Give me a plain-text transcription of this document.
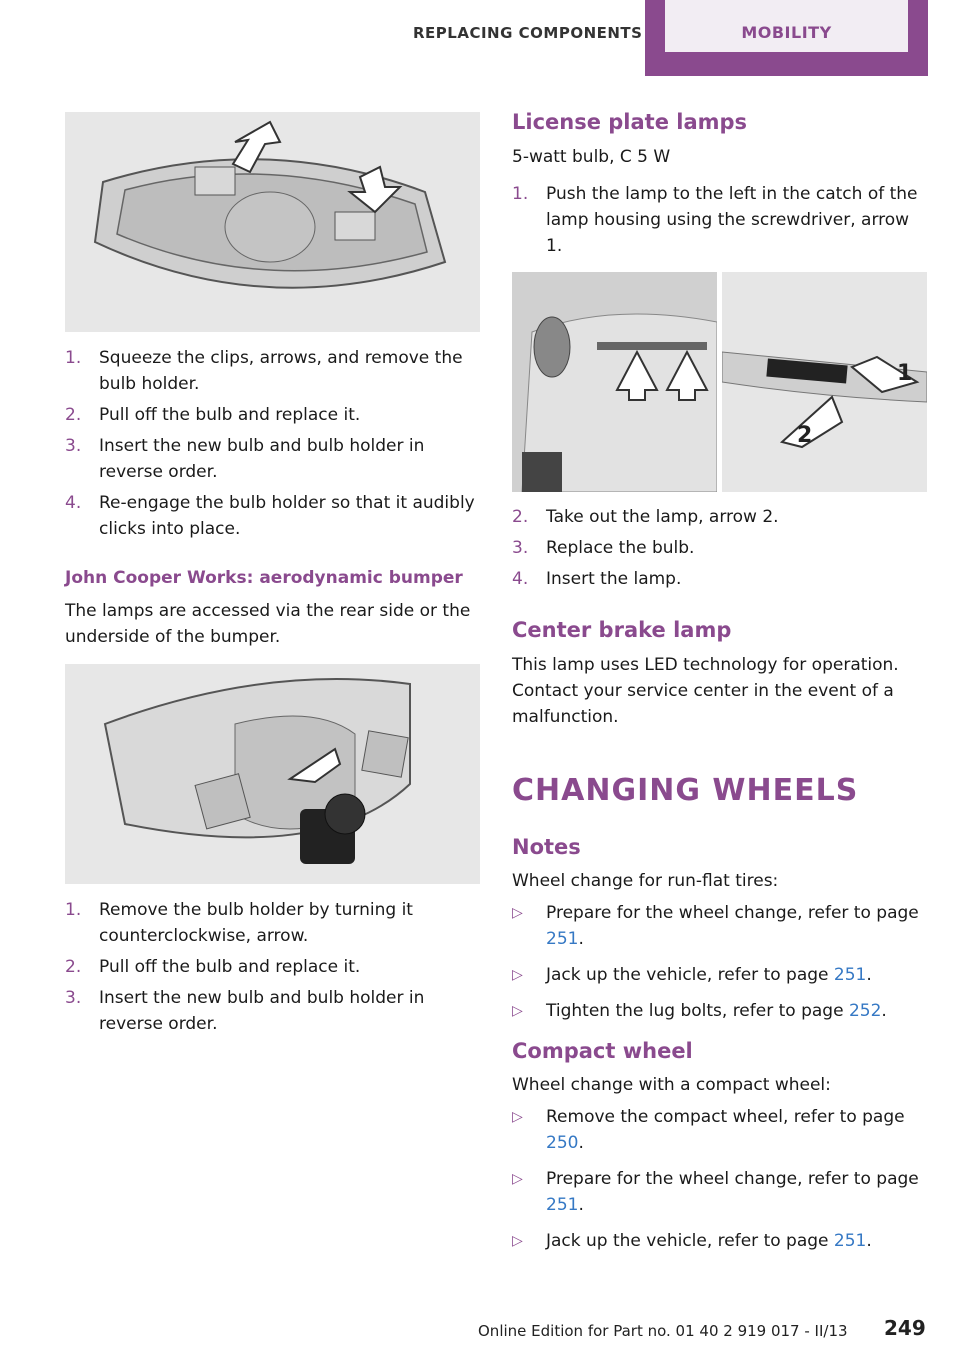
REPLACING COMPONENTS	MOBILITY
1. Squeeze the clips, arrows, and remove the bulb holder.
2. Pull off the bulb and replace it.
3. Insert the new bulb and bulb holder in reverse order.
4. Re-engage the bulb holder so that it audibly clicks into place.
John Cooper Works: aerodynamic bumper
The lamps are accessed via the rear side or the underside of the bumper.
1. Remove the bulb holder by turning it counterclockwise, arrow.
2. Pull off the bulb and replace it.
3. Insert the new bulb and bulb holder in reverse order.
License plate lamps
5-watt bulb, C 5 W
1. Push the lamp to the left in the catch of the lamp housing using the screwdriver, arrow 1.
1
2
2. Take out the lamp, arrow 2.
3. Replace the bulb.
4. Insert the lamp.
Center brake lamp
This lamp uses LED technology for operation. Contact your service center in the event of a malfunction.
CHANGING WHEELS
Notes
Wheel change for run-flat tires:
▷ Prepare for the wheel change, refer to page 251.
▷ Jack up the vehicle, refer to page 251.
▷ Tighten the lug bolts, refer to page 252.
Compact wheel
Wheel change with a compact wheel:
▷ Remove the compact wheel, refer to page 250.
▷ Prepare for the wheel change, refer to page 251.
▷ Jack up the vehicle, refer to page 251.
Online Edition for Part no. 01 40 2 919 017 - II/13 249
